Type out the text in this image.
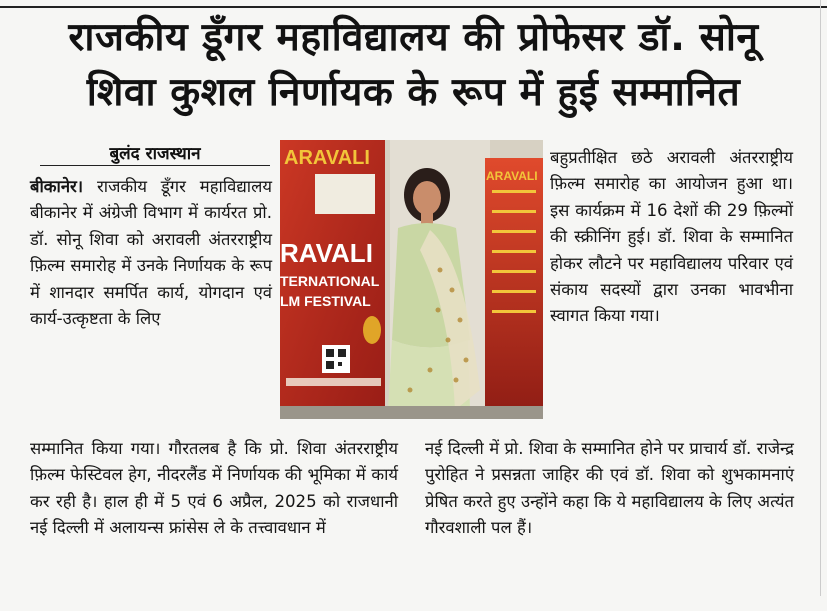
राजकीय डूँगर महाविद्यालय की प्रोफेसर डॉ. सोनू
शिवा कुशल निर्णायक के रूप में हुई सम्मानित
बुलंद राजस्थान
बीकानेर। राजकीय डूँगर महाविद्यालय बीकानेर में अंग्रेजी विभाग में कार्यरत प्रो. डॉ. सोनू शिवा को अरावली अंतरराष्ट्रीय फ़िल्म समारोह में उनके निर्णायक के रूप में शानदार समर्पित कार्य, योगदान एवं कार्य-उत्कृष्टता के लिए
ARAVALI
RAVALI
TERNATIONAL
LM FESTIVAL
ARAVALI
बहुप्रतीक्षित छठे अरावली अंतरराष्ट्रीय फ़िल्म समारोह का आयोजन हुआ था। इस कार्यक्रम में 16 देशों की 29 फ़िल्मों की स्क्रीनिंग हुई। डॉ. शिवा के सम्मानित होकर लौटने पर महाविद्यालय परिवार एवं संकाय सदस्यों द्वारा उनका भावभीना स्वागत किया गया।
सम्मानित किया गया। गौरतलब है कि प्रो. शिवा अंतरराष्ट्रीय फ़िल्म फेस्टिवल हेग, नीदरलैंड में निर्णायक की भूमिका में कार्य कर रही है। हाल ही में 5 एवं 6 अप्रैल, 2025 को राजधानी नई दिल्ली में अलायन्स फ्रांसेस ले के तत्त्वावधान में
नई दिल्ली में प्रो. शिवा के सम्मानित होने पर प्राचार्य डॉ. राजेन्द्र पुरोहित ने प्रसन्नता जाहिर की एवं डॉ. शिवा को शुभकामनाएं प्रेषित करते हुए उन्होंने कहा कि ये महाविद्यालय के लिए अत्यंत गौरवशाली पल हैं।
